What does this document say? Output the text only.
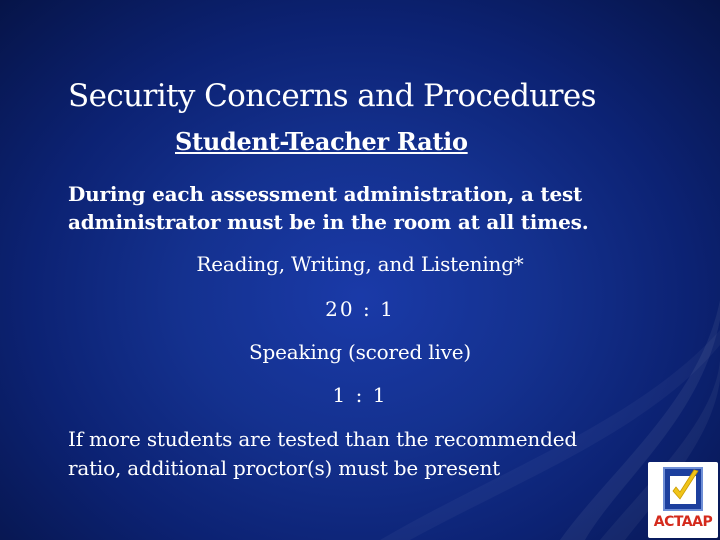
Security Concerns and Procedures
Student-Teacher Ratio
During each assessment administration, a test administrator must be in the room at all times.
Reading, Writing, and Listening*
20 : 1
Speaking (scored live)
1 : 1
If more students are tested than the recommended ratio, additional proctor(s) must be present
ACTAAP
